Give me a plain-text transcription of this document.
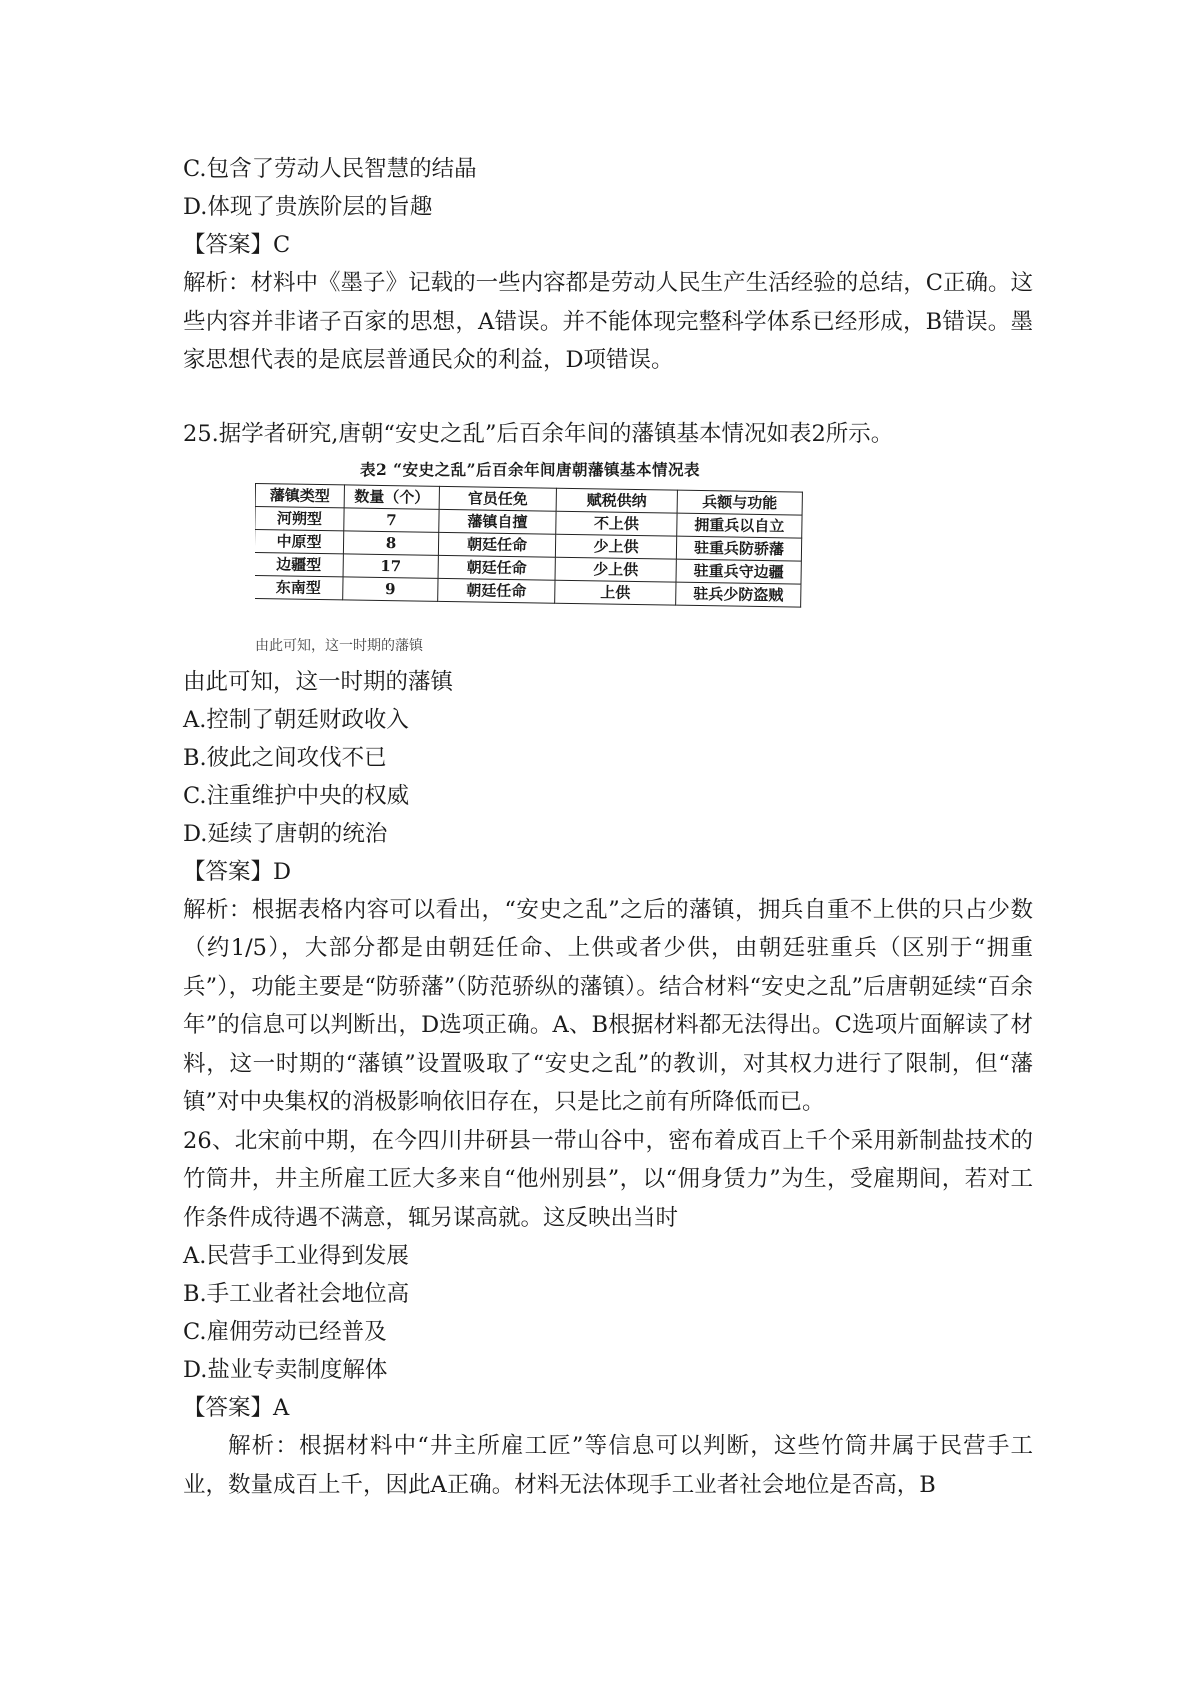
C.包含了劳动人民智慧的结晶
D.体现了贵族阶层的旨趣
【答案】C
解析：材料中《墨子》记载的一些内容都是劳动人民生产生活经验的总结，C正确。这些内容并非诸子百家的思想，A错误。并不能体现完整科学体系已经形成，B错误。墨家思想代表的是底层普通民众的利益，D项错误。
25.据学者研究,唐朝“安史之乱”后百余年间的藩镇基本情况如表2所示。
表2 “安史之乱”后百余年间唐朝藩镇基本情况表
藩镇类型	数量（个）	官员任免	赋税供纳	兵额与功能
河朔型	7	藩镇自擅	不上供	拥重兵以自立
中原型	8	朝廷任命	少上供	驻重兵防骄藩
边疆型	17	朝廷任命	少上供	驻重兵守边疆
东南型	9	朝廷任命	上供	驻兵少防盗贼
由此可知，这一时期的藩镇
由此可知，这一时期的藩镇
A.控制了朝廷财政收入
B.彼此之间攻伐不已
C.注重维护中央的权威
D.延续了唐朝的统治
【答案】D
解析：根据表格内容可以看出，“安史之乱”之后的藩镇，拥兵自重不上供的只占少数（约1/5），大部分都是由朝廷任命、上供或者少供，由朝廷驻重兵（区别于“拥重兵”），功能主要是“防骄藩”（防范骄纵的藩镇）。结合材料“安史之乱”后唐朝延续“百余年”的信息可以判断出，D选项正确。A、B根据材料都无法得出。C选项片面解读了材料，这一时期的“藩镇”设置吸取了“安史之乱”的教训，对其权力进行了限制，但“藩镇”对中央集权的消极影响依旧存在，只是比之前有所降低而已。
26、北宋前中期，在今四川井研县一带山谷中，密布着成百上千个采用新制盐技术的竹筒井，井主所雇工匠大多来自“他州别县”，以“佣身赁力”为生，受雇期间，若对工作条件成待遇不满意，辄另谋高就。这反映出当时
A.民营手工业得到发展
B.手工业者社会地位高
C.雇佣劳动已经普及
D.盐业专卖制度解体
【答案】A
解析：根据材料中“井主所雇工匠”等信息可以判断，这些竹筒井属于民营手工业，数量成百上千，因此A正确。材料无法体现手工业者社会地位是否高，B
